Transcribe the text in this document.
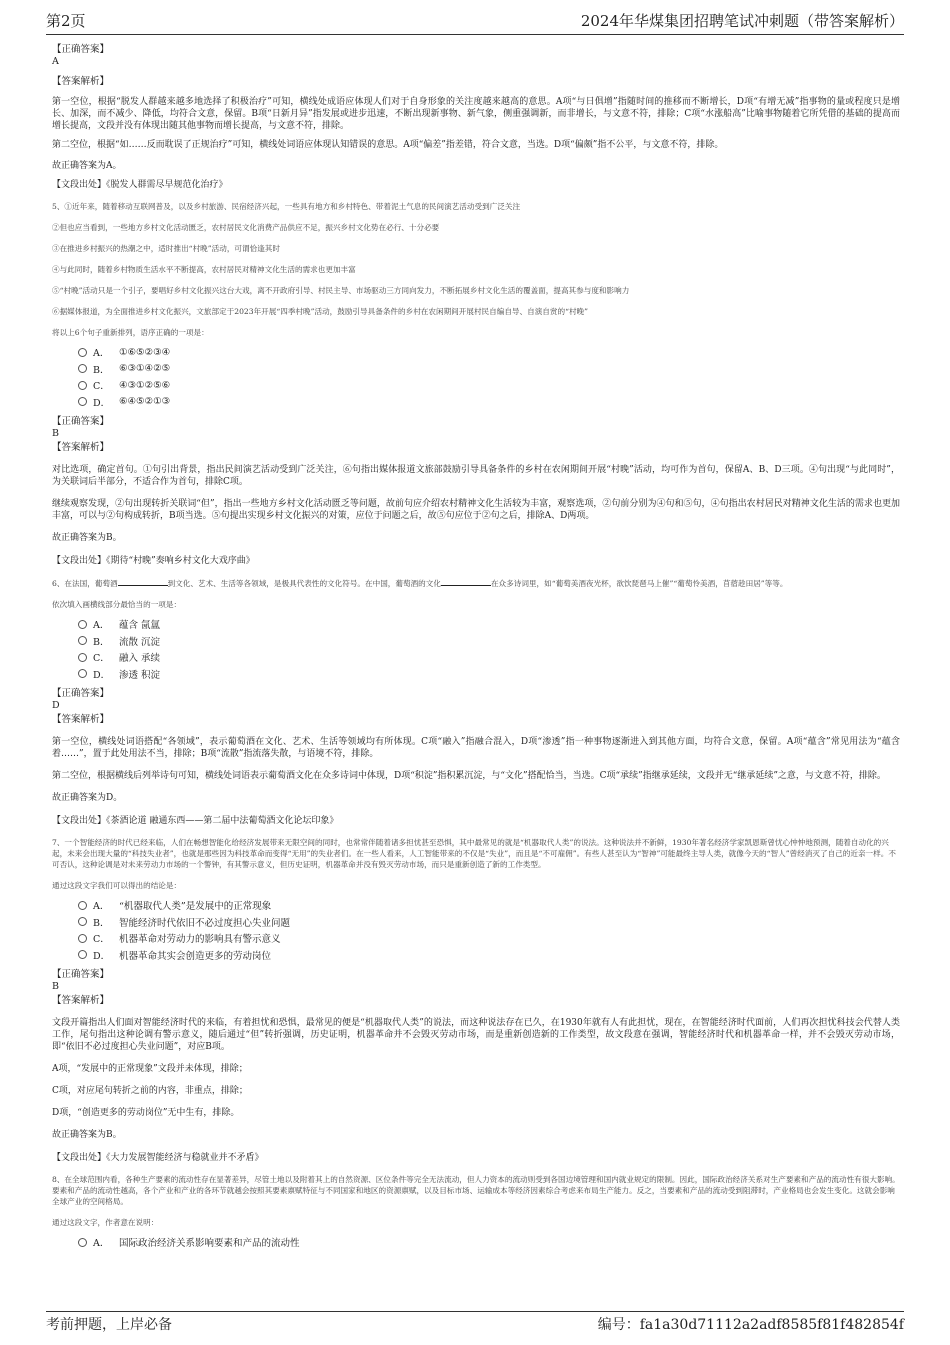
第2页	2024年华煤集团招聘笔试冲刺题（带答案解析）

【正确答案】

A

【答案解析】

第一空位，根据“脱发人群越来越多地选择了积极治疗”可知，横线处成语应体现人们对于自身形象的关注度越来越高的意思。A项“与日俱增”指随时间的推移而不断增长，D项“有增无减”指事物的量或程度只是增长、加深，而不减少、降低，均符合文意，保留。B项“日新月异”指发展或进步迅速，不断出现新事物、新气象，侧重强调新，而非增长，与文意不符，排除；C项“水涨船高”比喻事物随着它所凭借的基础的提高而增长提高，文段并没有体现出随其他事物而增长提高，与文意不符，排除。

第二空位，根据“如……反而耽误了正规治疗”可知，横线处词语应体现认知错误的意思。A项“偏差”指差错，符合文意，当选。D项“偏颇”指不公平，与文意不符，排除。

故正确答案为A。

【文段出处】《脱发人群需尽早规范化治疗》

5、①近年来，随着移动互联网普及，以及乡村旅游、民宿经济兴起，一些具有地方和乡村特色、带着泥土气息的民间演艺活动受到广泛关注

②但也应当看到，一些地方乡村文化活动匮乏，农村居民文化消费产品供应不足，振兴乡村文化势在必行、十分必要

③在推进乡村振兴的热潮之中，适时推出“村晚”活动，可谓恰逢其时

④与此同时，随着乡村物质生活水平不断提高，农村居民对精神文化生活的需求也更加丰富

⑤“村晚”活动只是一个引子，要唱好乡村文化振兴这台大戏，离不开政府引导、村民主导、市场驱动三方同向发力，不断拓展乡村文化生活的覆盖面，提高其参与度和影响力

⑥据媒体报道，为全面推进乡村文化振兴，文旅部定于2023年开展“四季村晚”活动，鼓励引导具备条件的乡村在农闲期间开展村民自编自导、自演自赏的“村晚”

将以上6个句子重新排列，语序正确的一项是：

A．	①⑥⑤②③④
B．	⑥③①④②⑤
C． ④③①②⑤⑥
D． ⑥④⑤②①③

【正确答案】

B

【答案解析】

对比选项，确定首句。①句引出背景，指出民间演艺活动受到广泛关注，⑥句指出媒体报道文旅部鼓励引导具备条件的乡村在农闲期间开展“村晚”活动，均可作为首句，保留A、B、D三项。④句出现“与此同时”，为关联词后半部分，不适合作为首句，排除C项。

继续观察发现，②句出现转折关联词“但”，指出一些地方乡村文化活动匮乏等问题，故前句应介绍农村精神文化生活较为丰富，观察选项，②句前分别为④句和⑤句，④句指出农村居民对精神文化生活的需求也更加丰富，可以与②句构成转折，B项当选。⑤句提出实现乡村文化振兴的对策，应位于问题之后，故⑤句应位于②句之后，排除A、D两项。

故正确答案为B。

【文段出处】《期待“村晚”奏响乡村文化大戏序曲》

6、在法国，葡萄酒	到文化、艺术、生活等各领域，是极具代表性的文化符号。在中国，葡萄酒的文化	在众多诗词里，如“葡萄美酒夜光杯，欲饮琵琶马上催”“葡萄怜美酒，苜蓿趁田居”等等。

依次填入画横线部分最恰当的一项是：

A．	蕴含 氤氲
B．	流散 沉淀
C． 融入 承续
D． 渗透 积淀

【正确答案】

D

【答案解析】

第一空位，横线处词语搭配“各领域”，表示葡萄酒在文化、艺术、生活等领域均有所体现。C项“融入”指融合混入，D项“渗透”指一种事物逐渐进入到其他方面，均符合文意，保留。A项“蕴含”常见用法为“蕴含着……”，置于此处用法不当，排除；B项“流散”指流落失散，与语境不符，排除。

第二空位，根据横线后列举诗句可知，横线处词语表示葡萄酒文化在众多诗词中体现，D项“积淀”指积累沉淀，与“文化”搭配恰当，当选。C项“承续”指继承延续，文段并无“继承延续”之意，与文意不符，排除。

故正确答案为D。

【文段出处】《茶酒论道 融通东西——第二届中法葡萄酒文化论坛印象》

7、一个智能经济的时代已经来临，人们在畅想智能化给经济发展带来无限空间的同时，也常常伴随着诸多担忧甚至恐惧，其中最常见的就是“机器取代人类”的说法。这种说法并不新鲜，1930年著名经济学家凯恩斯曾忧心忡忡地预测，随着自动化的兴起，未来会出现大量的“科技失业者”，也就是那些因为科技革命而变得“无用”的失业者们。在一些人看来，人工智能带来的不仅是“失业”，而且是“不可雇佣”。有些人甚至认为“智神”可能最终主导人类，就像今天的“智人”曾经消灭了自己的近亲一样。不可否认，这种论调是对未来劳动力市场的一个警钟，有其警示意义，但历史证明，机器革命并没有毁灭劳动市场，而只是重新创造了新的工作类型。

通过这段文字我们可以得出的结论是：

A．	“机器取代人类”是发展中的正常现象
B．	智能经济时代依旧不必过度担心失业问题
C． 机器革命对劳动力的影响具有警示意义
D． 机器革命其实会创造更多的劳动岗位

【正确答案】

B

【答案解析】

文段开篇指出人们面对智能经济时代的来临，有着担忧和恐惧，最常见的便是“机器取代人类”的说法，而这种说法存在已久，在1930年就有人有此担忧，现在，在智能经济时代面前，人们再次担忧科技会代替人类工作，尾句指出这种论调有警示意义，随后通过“但”转折强调，历史证明，机器革命并不会毁灭劳动市场，而是重新创造新的工作类型，故文段意在强调，智能经济时代和机器革命一样，并不会毁灭劳动市场，即“依旧不必过度担心失业问题”，对应B项。

A项，“发展中的正常现象”文段并未体现，排除；

C项，对应尾句转折之前的内容，非重点，排除；

D项，“创造更多的劳动岗位”无中生有，排除。

故正确答案为B。

【文段出处】《大力发展智能经济与稳就业并不矛盾》

8、在全球范围内看，各种生产要素的流动性存在显著差异，尽管土地以及附着其上的自然资源、区位条件等完全无法流动，但人力资本的流动则受到各国边境管理和国内就业规定的限制。因此，国际政治经济关系对生产要素和产品的流动性有很大影响。要素和产品的流动性越高，各个产业和产业的各环节就越会按照其要素禀赋特征与不同国家和地区的资源禀赋，以及目标市场、运输成本等经济因素综合考虑来布局生产能力。反之，当要素和产品的流动受到阻滞时，产业格局也会发生变化。这就会影响全球产业的空间格局。

通过这段文字，作者意在说明：

A．	国际政治经济关系影响要素和产品的流动性
考前押题，上岸必备	编号：fa1a30d71112a2adf8585f81f482854f
